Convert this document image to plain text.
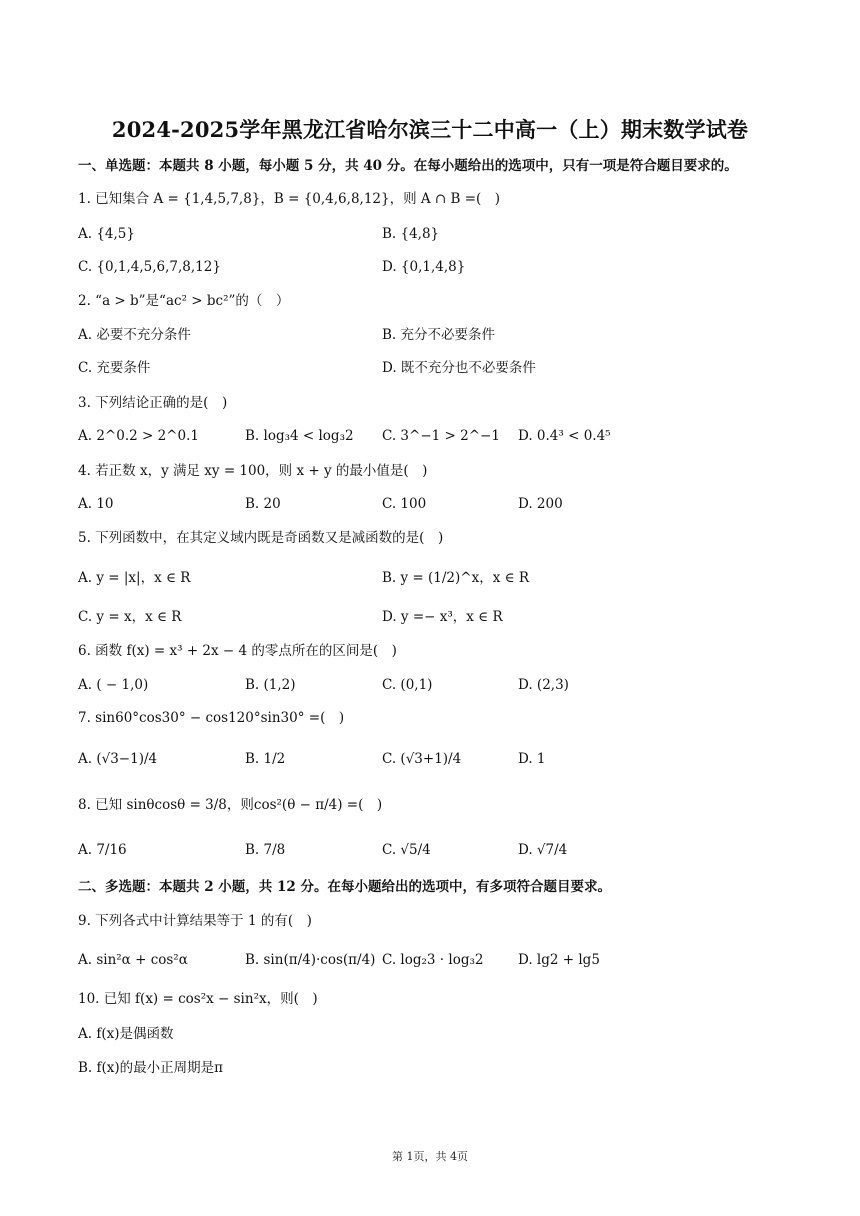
2024-2025学年黑龙江省哈尔滨三十二中高一（上）期末数学试卷
一、单选题：本题共 8 小题，每小题 5 分，共 40 分。在每小题给出的选项中，只有一项是符合题目要求的。
1. 已知集合 A = {1,4,5,7,8}，B = {0,4,6,8,12}，则 A ∩ B =(　)
A. {4,5}	B. {4,8}
C. {0,1,4,5,6,7,8,12}	D. {0,1,4,8}
2. “a > b”是“ac² > bc²”的（　）
A. 必要不充分条件	B. 充分不必要条件
C. 充要条件	D. 既不充分也不必要条件
3. 下列结论正确的是(　)
A. 2^0.2 > 2^0.1	B. log₃4 < log₃2 C. 3^−1 > 2^−1 D. 0.4³ < 0.4⁵
4. 若正数 x，y 满足 xy = 100，则 x + y 的最小值是(　)
A. 10	B. 20	C. 100	D. 200
5. 下列函数中，在其定义域内既是奇函数又是减函数的是(　)
A. y = |x|，x ∈ R	B. y = (1/2)^x，x ∈ R
C. y = x，x ∈ R	D. y =− x³，x ∈ R
6. 函数 f(x) = x³ + 2x − 4 的零点所在的区间是(　)
A. ( − 1,0)	B. (1,2)	C. (0,1)	D. (2,3)
7. sin60°cos30° − cos120°sin30° =(　)
A. (√3−1)/4	B. 1/2	C. (√3+1)/4	D. 1
8. 已知 sinθcosθ = 3/8，则cos²(θ − π/4) =(　)
A. 7/16	B. 7/8	C. √5/4	D. √7/4
二、多选题：本题共 2 小题，共 12 分。在每小题给出的选项中，有多项符合题目要求。
9. 下列各式中计算结果等于 1 的有(　)
A. sin²α + cos²α	B. sin(π/4)·cos(π/4) C. log₂3 · log₃2	D. lg2 + lg5
10. 已知 f(x) = cos²x − sin²x，则(　)
A. f(x)是偶函数
B. f(x)的最小正周期是π
第 1页，共 4页
